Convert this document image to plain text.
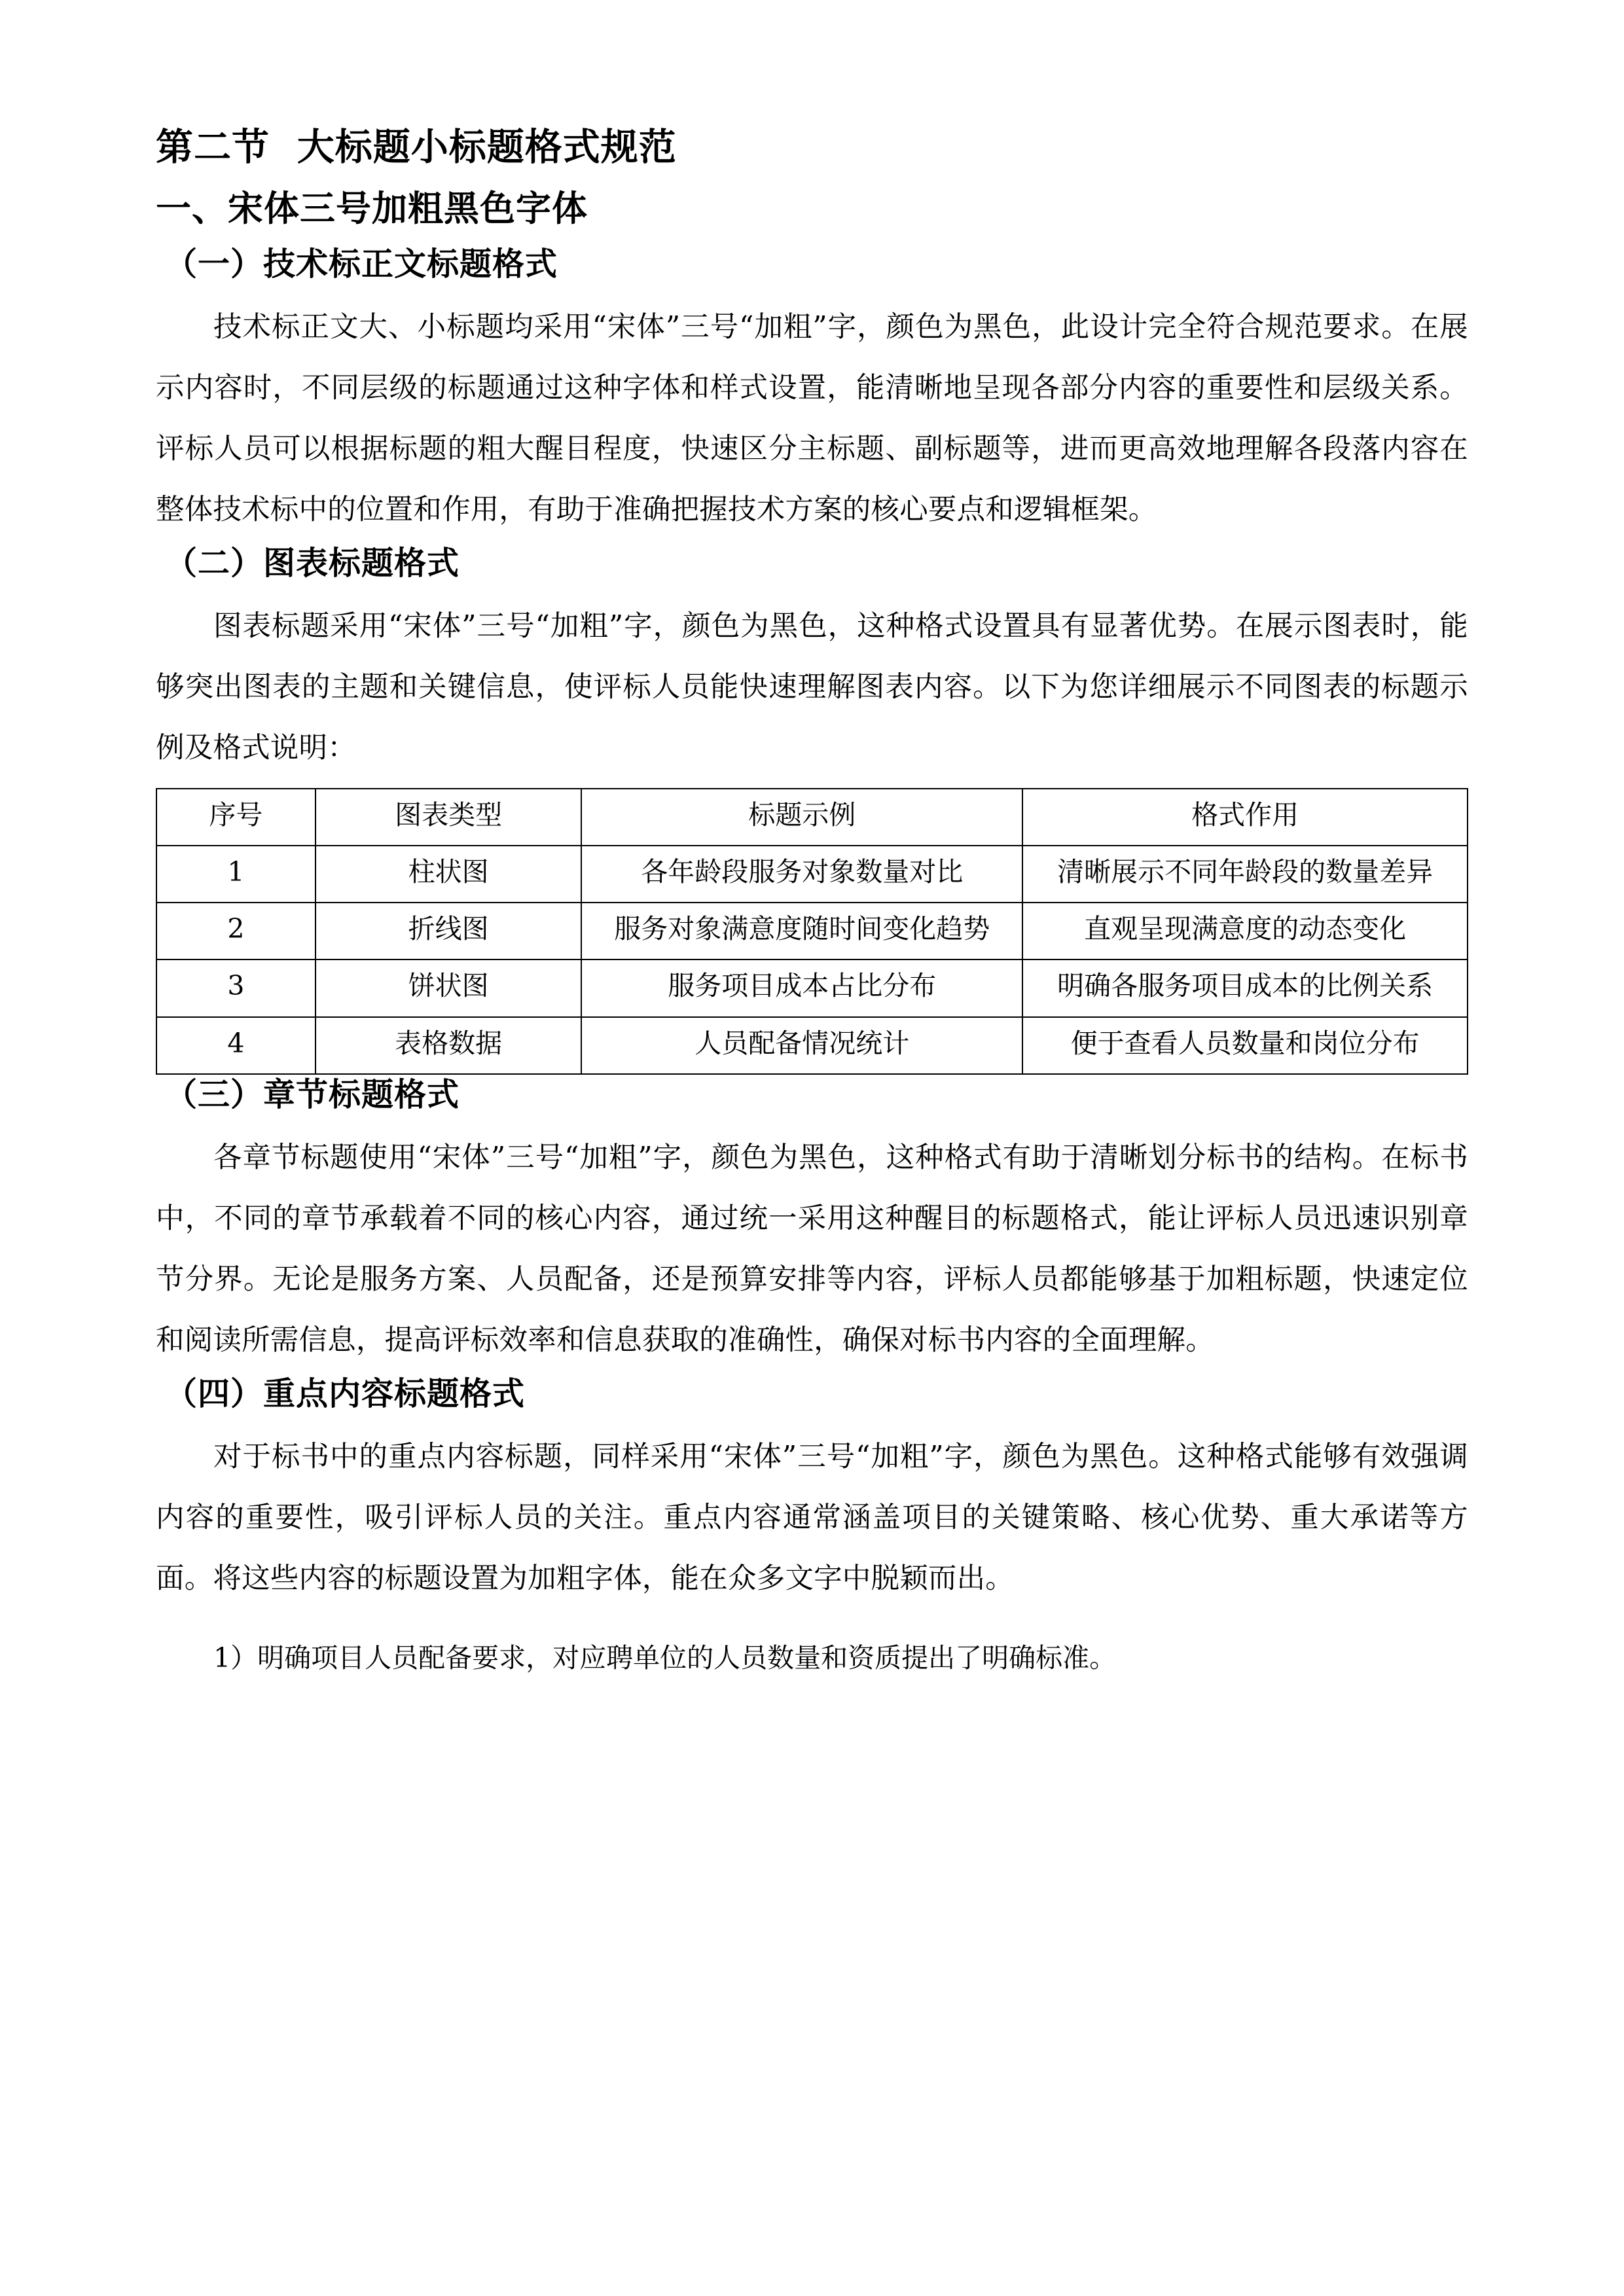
第二节  大标题小标题格式规范
一、宋体三号加粗黑色字体
（一）技术标正文标题格式

技术标正文大、小标题均采用“宋体”三号“加粗”字，颜色为黑色，此设计完全符合规范要求。在展示内容时，不同层级的标题通过这种字体和样式设置，能清晰地呈现各部分内容的重要性和层级关系。评标人员可以根据标题的粗大醒目程度，快速区分主标题、副标题等，进而更高效地理解各段落内容在整体技术标中的位置和作用，有助于准确把握技术方案的核心要点和逻辑框架。

（二）图表标题格式

图表标题采用“宋体”三号“加粗”字，颜色为黑色，这种格式设置具有显著优势。在展示图表时，能够突出图表的主题和关键信息，使评标人员能快速理解图表内容。以下为您详细展示不同图表的标题示例及格式说明：

序号	图表类型	标题示例	格式作用
1	柱状图	各年龄段服务对象数量对比	清晰展示不同年龄段的数量差异
2	折线图	服务对象满意度随时间变化趋势	直观呈现满意度的动态变化
3	饼状图	服务项目成本占比分布	明确各服务项目成本的比例关系
4	表格数据	人员配备情况统计	便于查看人员数量和岗位分布
（三）章节标题格式

各章节标题使用“宋体”三号“加粗”字，颜色为黑色，这种格式有助于清晰划分标书的结构。在标书中，不同的章节承载着不同的核心内容，通过统一采用这种醒目的标题格式，能让评标人员迅速识别章节分界。无论是服务方案、人员配备，还是预算安排等内容，评标人员都能够基于加粗标题，快速定位和阅读所需信息，提高评标效率和信息获取的准确性，确保对标书内容的全面理解。

（四）重点内容标题格式

对于标书中的重点内容标题，同样采用“宋体”三号“加粗”字，颜色为黑色。这种格式能够有效强调内容的重要性，吸引评标人员的关注。重点内容通常涵盖项目的关键策略、核心优势、重大承诺等方面。将这些内容的标题设置为加粗字体，能在众多文字中脱颖而出。

1）明确项目人员配备要求，对应聘单位的人员数量和资质提出了明确标准。
